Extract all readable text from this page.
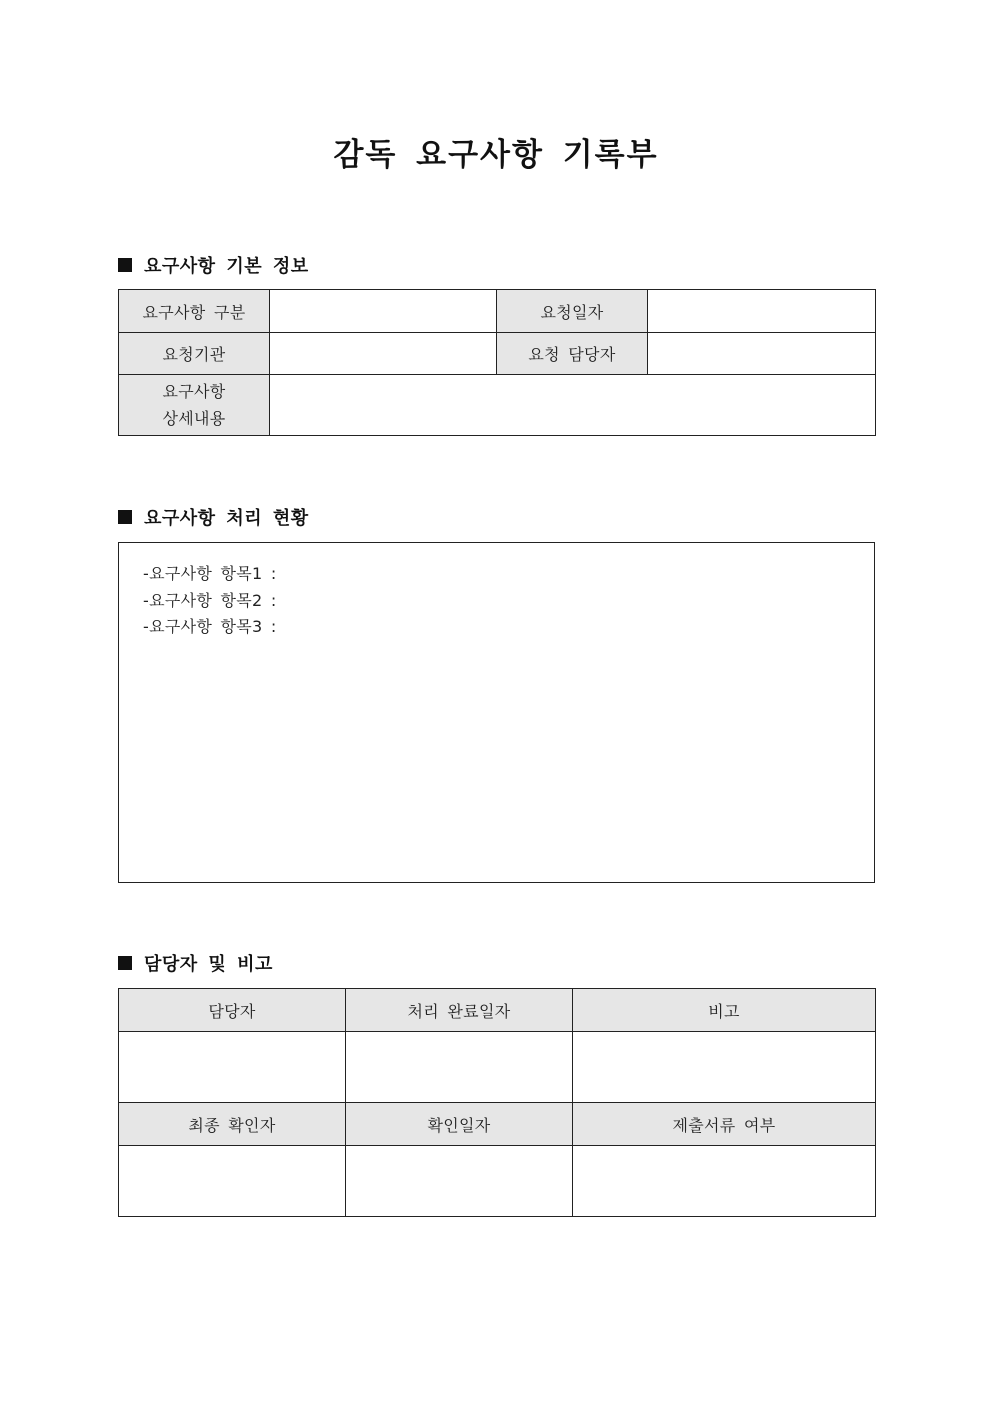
감독 요구사항 기록부
요구사항 기본 정보
요구사항 구분		요청일자	
요청기관		요청 담당자	

요구사항
상세내용			

요구사항 처리 현황
-요구사항 항목1 :
-요구사항 항목2 :
-요구사항 항목3 :
담당자 및 비고
담당자	처리 완료일자	비고

최종 확인자	확인일자	제출서류 여부
